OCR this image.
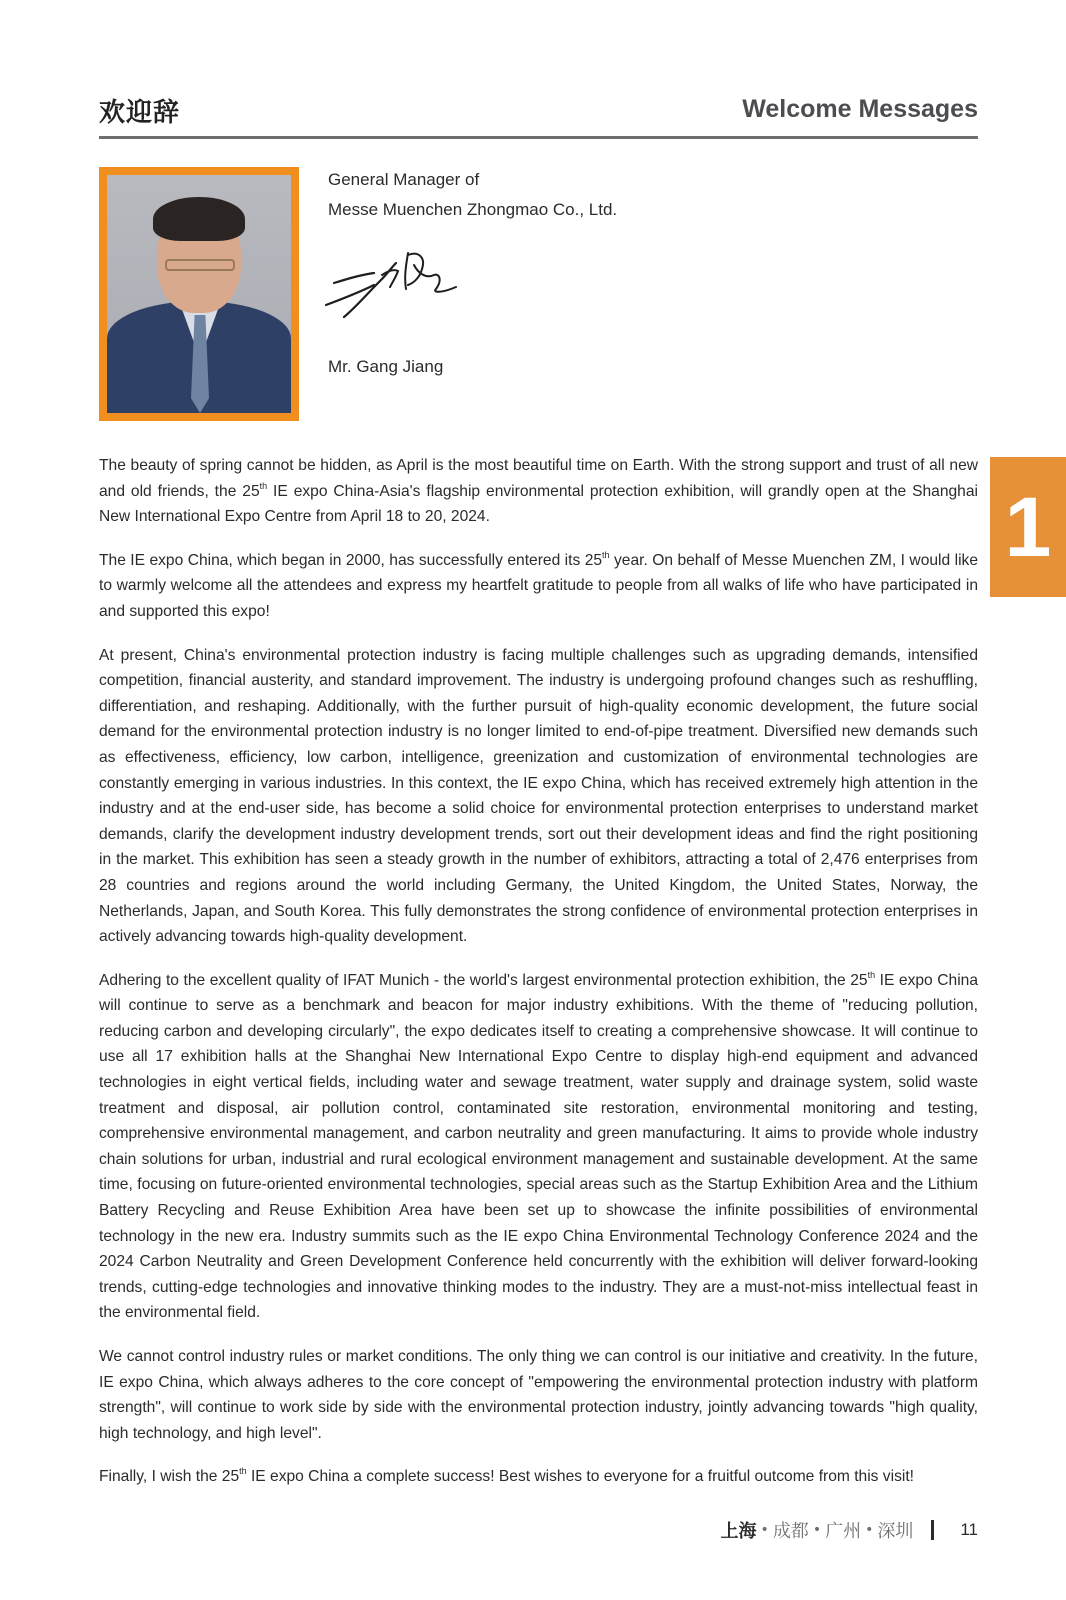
欢迎辞	Welcome Messages
General Manager of
Messe Muenchen Zhongmao Co., Ltd.
Mr. Gang Jiang
1

The beauty of spring cannot be hidden, as April is the most beautiful time on Earth. With the strong support and trust of all new and old friends, the 25th IE expo China-Asia's flagship environmental protection exhibition, will grandly open at the Shanghai New International Expo Centre from April 18 to 20, 2024.

The IE expo China, which began in 2000, has successfully entered its 25th year. On behalf of Messe Muenchen ZM, I would like to warmly welcome all the attendees and express my heartfelt gratitude to people from all walks of life who have participated in and supported this expo!

At present, China's environmental protection industry is facing multiple challenges such as upgrading demands, intensified competition, financial austerity, and standard improvement. The industry is undergoing profound changes such as reshuffling, differentiation, and reshaping. Additionally, with the further pursuit of high-quality economic development, the future social demand for the environmental protection industry is no longer limited to end-of-pipe treatment. Diversified new demands such as effectiveness, efficiency, low carbon, intelligence, greenization and customization of environmental technologies are constantly emerging in various industries. In this context, the IE expo China, which has received extremely high attention in the industry and at the end-user side, has become a solid choice for environmental protection enterprises to understand market demands, clarify the development industry development trends, sort out their development ideas and find the right positioning in the market. This exhibition has seen a steady growth in the number of exhibitors, attracting a total of 2,476 enterprises from 28 countries and regions around the world including Germany, the United Kingdom, the United States, Norway, the Netherlands, Japan, and South Korea. This fully demonstrates the strong confidence of environmental protection enterprises in actively advancing towards high-quality development.

Adhering to the excellent quality of IFAT Munich - the world's largest environmental protection exhibition, the 25th IE expo China will continue to serve as a benchmark and beacon for major industry exhibitions. With the theme of "reducing pollution, reducing carbon and developing circularly", the expo dedicates itself to creating a comprehensive showcase. It will continue to use all 17 exhibition halls at the Shanghai New International Expo Centre to display high-end equipment and advanced technologies in eight vertical fields, including water and sewage treatment, water supply and drainage system, solid waste treatment and disposal, air pollution control, contaminated site restoration, environmental monitoring and testing, comprehensive environmental management, and carbon neutrality and green manufacturing. It aims to provide whole industry chain solutions for urban, industrial and rural ecological environment management and sustainable development. At the same time, focusing on future-oriented environmental technologies, special areas such as the Startup Exhibition Area and the Lithium Battery Recycling and Reuse Exhibition Area have been set up to showcase the infinite possibilities of environmental technology in the new era. Industry summits such as the IE expo China Environmental Technology Conference 2024 and the 2024 Carbon Neutrality and Green Development Conference held concurrently with the exhibition will deliver forward-looking trends, cutting-edge technologies and innovative thinking modes to the industry. They are a must-not-miss intellectual feast in the environmental field.

We cannot control industry rules or market conditions. The only thing we can control is our initiative and creativity. In the future, IE expo China, which always adheres to the core concept of "empowering the environmental protection industry with platform strength", will continue to work side by side with the environmental protection industry, jointly advancing towards "high quality, high technology, and high level".

Finally, I wish the 25th IE expo China a complete success! Best wishes to everyone for a fruitful outcome from this visit!

上海 • 成都 • 广州 • 深圳	11
